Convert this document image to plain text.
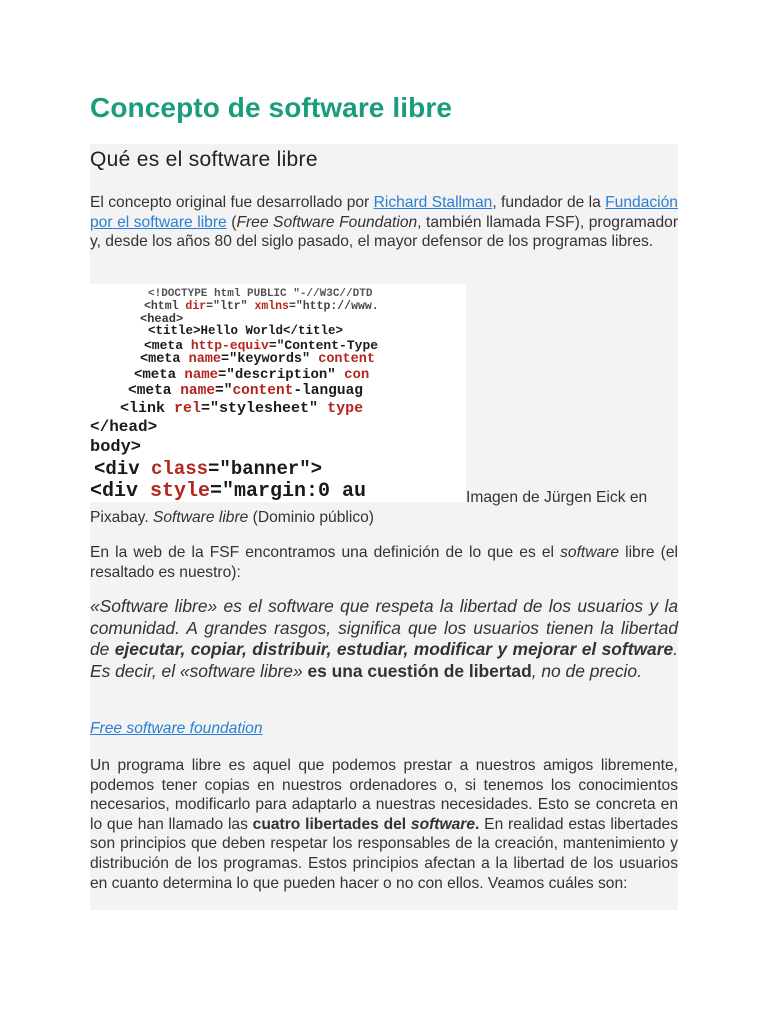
Concepto de software libre
Qué es el software libre

El concepto original fue desarrollado por Richard Stallman, fundador de la Fundación por el software libre (Free Software Foundation, también llamada FSF), programador y, desde los años 80 del siglo pasado, el mayor defensor de los programas libres.

<!DOCTYPE html PUBLIC "-//W3C//DTD
<html dir="ltr" xmlns="http://www.
<head>
<title>Hello World</title>
<meta http-equiv="Content-Type
<meta name="keywords" content
<meta name="description" con
<meta name="content-languag
<link rel="stylesheet" type
</head>
body>
<div class="banner">
<div style="margin:0 au	Imagen de Jürgen Eick en Pixabay. Software libre (Dominio público)

En la web de la FSF encontramos una definición de lo que es el software libre (el resaltado es nuestro):

«Software libre» es el software que respeta la libertad de los usuarios y la comunidad. A grandes rasgos, significa que los usuarios tienen la libertad de ejecutar, copiar, distribuir, estudiar, modificar y mejorar el software. Es decir, el «software libre» es una cuestión de libertad, no de precio.

Free software foundation

Un programa libre es aquel que podemos prestar a nuestros amigos libremente, podemos tener copias en nuestros ordenadores o, si tenemos los conocimientos necesarios, modificarlo para adaptarlo a nuestras necesidades. Esto se concreta en lo que han llamado las cuatro libertades del software. En realidad estas libertades son principios que deben respetar los responsables de la creación, mantenimiento y distribución de los programas. Estos principios afectan a la libertad de los usuarios en cuanto determina lo que pueden hacer o no con ellos. Veamos cuáles son:
